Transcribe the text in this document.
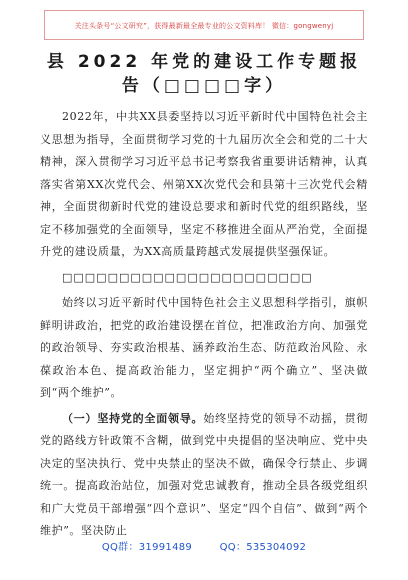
关注头条号“公文研究”，获得最新最全最专业的公文资料库！ 微信：gongwenyj
县 2022 年党的建设工作专题报告（□□□□字）

2022年，中共XX县委坚持以习近平新时代中国特色社会主义思想为指导，全面贯彻学习党的十九届历次全会和党的二十大精神，深入贯彻学习习近平总书记考察我省重要讲话精神，认真落实省第XX次党代会、州第XX次党代会和县第十三次党代会精神，全面贯彻新时代党的建设总要求和新时代党的组织路线，坚定不移加强党的全面领导，坚定不移推进全面从严治党，全面提升党的建设质量，为XX高质量跨越式发展提供坚强保证。

□□□□□□□□□□□□□□□□□□□□□□

始终以习近平新时代中国特色社会主义思想科学指引，旗帜鲜明讲政治，把党的政治建设摆在首位，把准政治方向、加强党的政治领导、夯实政治根基、涵养政治生态、防范政治风险、永葆政治本色、提高政治能力，坚定拥护“两个确立”、坚决做到“两个维护”。

（一）坚持党的全面领导。始终坚持党的领导不动摇，贯彻党的路线方针政策不含糊，做到党中央提倡的坚决响应、党中央决定的坚决执行、党中央禁止的坚决不做，确保令行禁止、步调统一。提高政治站位，加强对党忠诚教育，推动全县各级党组织和广大党员干部增强“四个意识”、坚定“四个自信”、做到“两个维护”。坚决防止

QQ群：31991489	QQ：535304092
